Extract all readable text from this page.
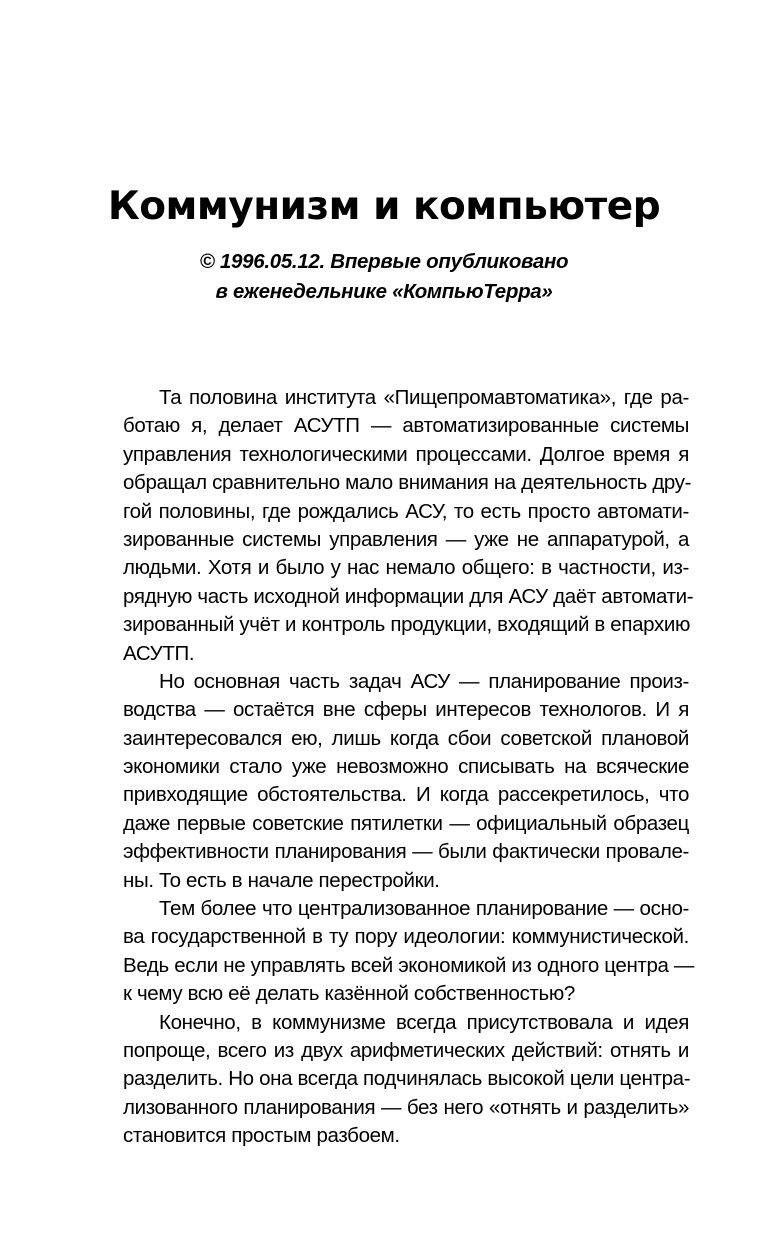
Коммунизм и компьютер
© 1996.05.12. Впервые опубликовано
в еженедельнике «КомпьюТерра»
Та половина института «Пищепромавтоматика», где ра-
ботаю я, делает АСУТП — автоматизированные системы
управления технологическими процессами. Долгое время я
обращал сравнительно мало внимания на деятельность дру-
гой половины, где рождались АСУ, то есть просто автомати-
зированные системы управления — уже не аппаратурой, а
людьми. Хотя и было у нас немало общего: в частности, из-
рядную часть исходной информации для АСУ даёт автомати-
зированный учёт и контроль продукции, входящий в епархию
АСУТП.
Но основная часть задач АСУ — планирование произ-
водства — остаётся вне сферы интересов технологов. И я
заинтересовался ею, лишь когда сбои советской плановой
экономики стало уже невозможно списывать на всяческие
привходящие обстоятельства. И когда рассекретилось, что
даже первые советские пятилетки — официальный образец
эффективности планирования — были фактически провале-
ны. То есть в начале перестройки.
Тем более что централизованное планирование — осно-
ва государственной в ту пору идеологии: коммунистической.
Ведь если не управлять всей экономикой из одного центра —
к чему всю её делать казённой собственностью?
Конечно, в коммунизме всегда присутствовала и идея
попроще, всего из двух арифметических действий: отнять и
разделить. Но она всегда подчинялась высокой цели центра-
лизованного планирования — без него «отнять и разделить»
становится простым разбоем.
